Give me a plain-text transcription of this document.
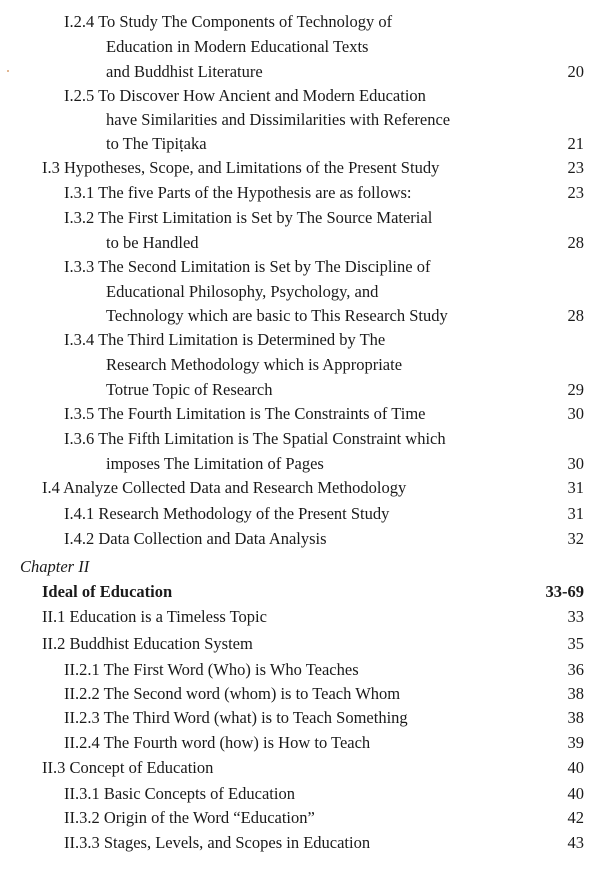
I.2.4 To Study The Components of Technology of
Education in Modern Educational Texts
and Buddhist Literature	20
I.2.5 To Discover How Ancient and Modern Education
have Similarities and Dissimilarities with Reference
to The Tipiṭaka	21
I.3 Hypotheses, Scope, and Limitations of the Present Study	23
I.3.1 The five Parts of the Hypothesis are as follows:	23
I.3.2 The First Limitation is Set by The Source Material
to be Handled	28
I.3.3 The Second Limitation is Set by The Discipline of
Educational Philosophy, Psychology, and
Technology which are basic to This Research Study	28
I.3.4 The Third Limitation is Determined by The
Research Methodology which is Appropriate
Totrue Topic of Research	29
I.3.5 The Fourth Limitation is The Constraints of Time	30
I.3.6 The Fifth Limitation is The Spatial Constraint which
imposes The Limitation of Pages	30
I.4 Analyze Collected Data and Research Methodology	31
I.4.1 Research Methodology of the Present Study	31
I.4.2 Data Collection and Data Analysis	32
Chapter II
Ideal of Education	33-69
II.1 Education is a Timeless Topic	33
II.2 Buddhist Education System	35
II.2.1 The First Word (Who) is Who Teaches	36
II.2.2 The Second word (whom) is to Teach Whom	38
II.2.3 The Third Word (what) is to Teach Something	38
II.2.4 The Fourth word (how) is How to Teach	39
II.3 Concept of Education	40
II.3.1 Basic Concepts of Education	40
II.3.2 Origin of the Word “Education”	42
II.3.3 Stages, Levels, and Scopes in Education	43
